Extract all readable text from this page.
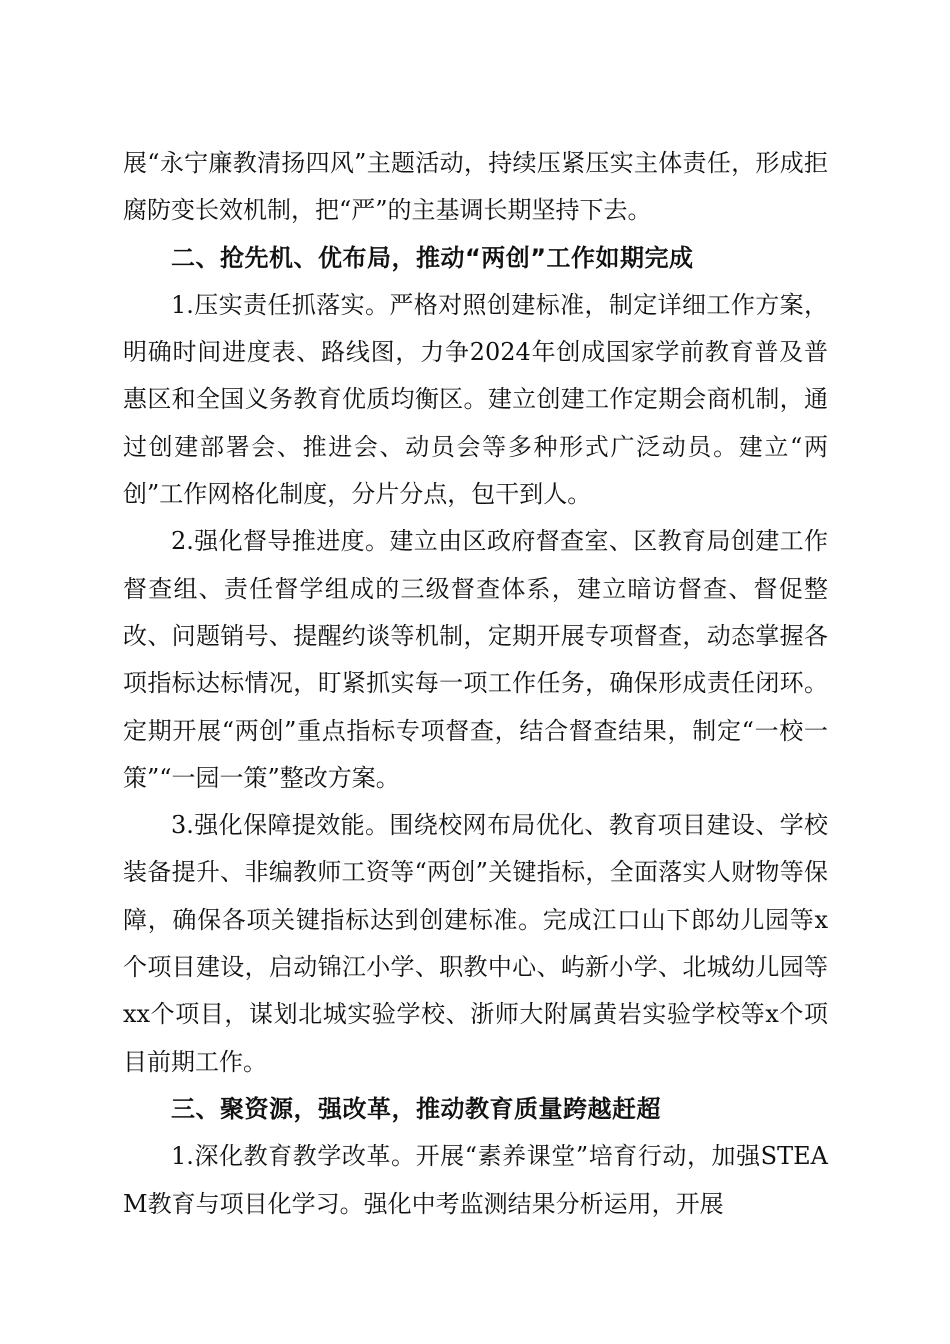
展“永宁廉教清扬四风”主题活动，持续压紧压实主体责任，形成拒腐防变长效机制，把“严”的主基调长期坚持下去。

二、抢先机、优布局，推动“两创”工作如期完成

1.压实责任抓落实。严格对照创建标准，制定详细工作方案，明确时间进度表、路线图，力争2024年创成国家学前教育普及普惠区和全国义务教育优质均衡区。建立创建工作定期会商机制，通过创建部署会、推进会、动员会等多种形式广泛动员。建立“两创”工作网格化制度，分片分点，包干到人。

2.强化督导推进度。建立由区政府督查室、区教育局创建工作督查组、责任督学组成的三级督查体系，建立暗访督查、督促整改、问题销号、提醒约谈等机制，定期开展专项督查，动态掌握各项指标达标情况，盯紧抓实每一项工作任务，确保形成责任闭环。定期开展“两创”重点指标专项督查，结合督查结果，制定“一校一策”“一园一策”整改方案。

3.强化保障提效能。围绕校网布局优化、教育项目建设、学校装备提升、非编教师工资等“两创”关键指标，全面落实人财物等保障，确保各项关键指标达到创建标准。完成江口山下郎幼儿园等x个项目建设，启动锦江小学、职教中心、屿新小学、北城幼儿园等xx个项目，谋划北城实验学校、浙师大附属黄岩实验学校等x个项目前期工作。

三、聚资源，强改革，推动教育质量跨越赶超

1.深化教育教学改革。开展“素养课堂”培育行动，加强STEAM教育与项目化学习。强化中考监测结果分析运用，开展
